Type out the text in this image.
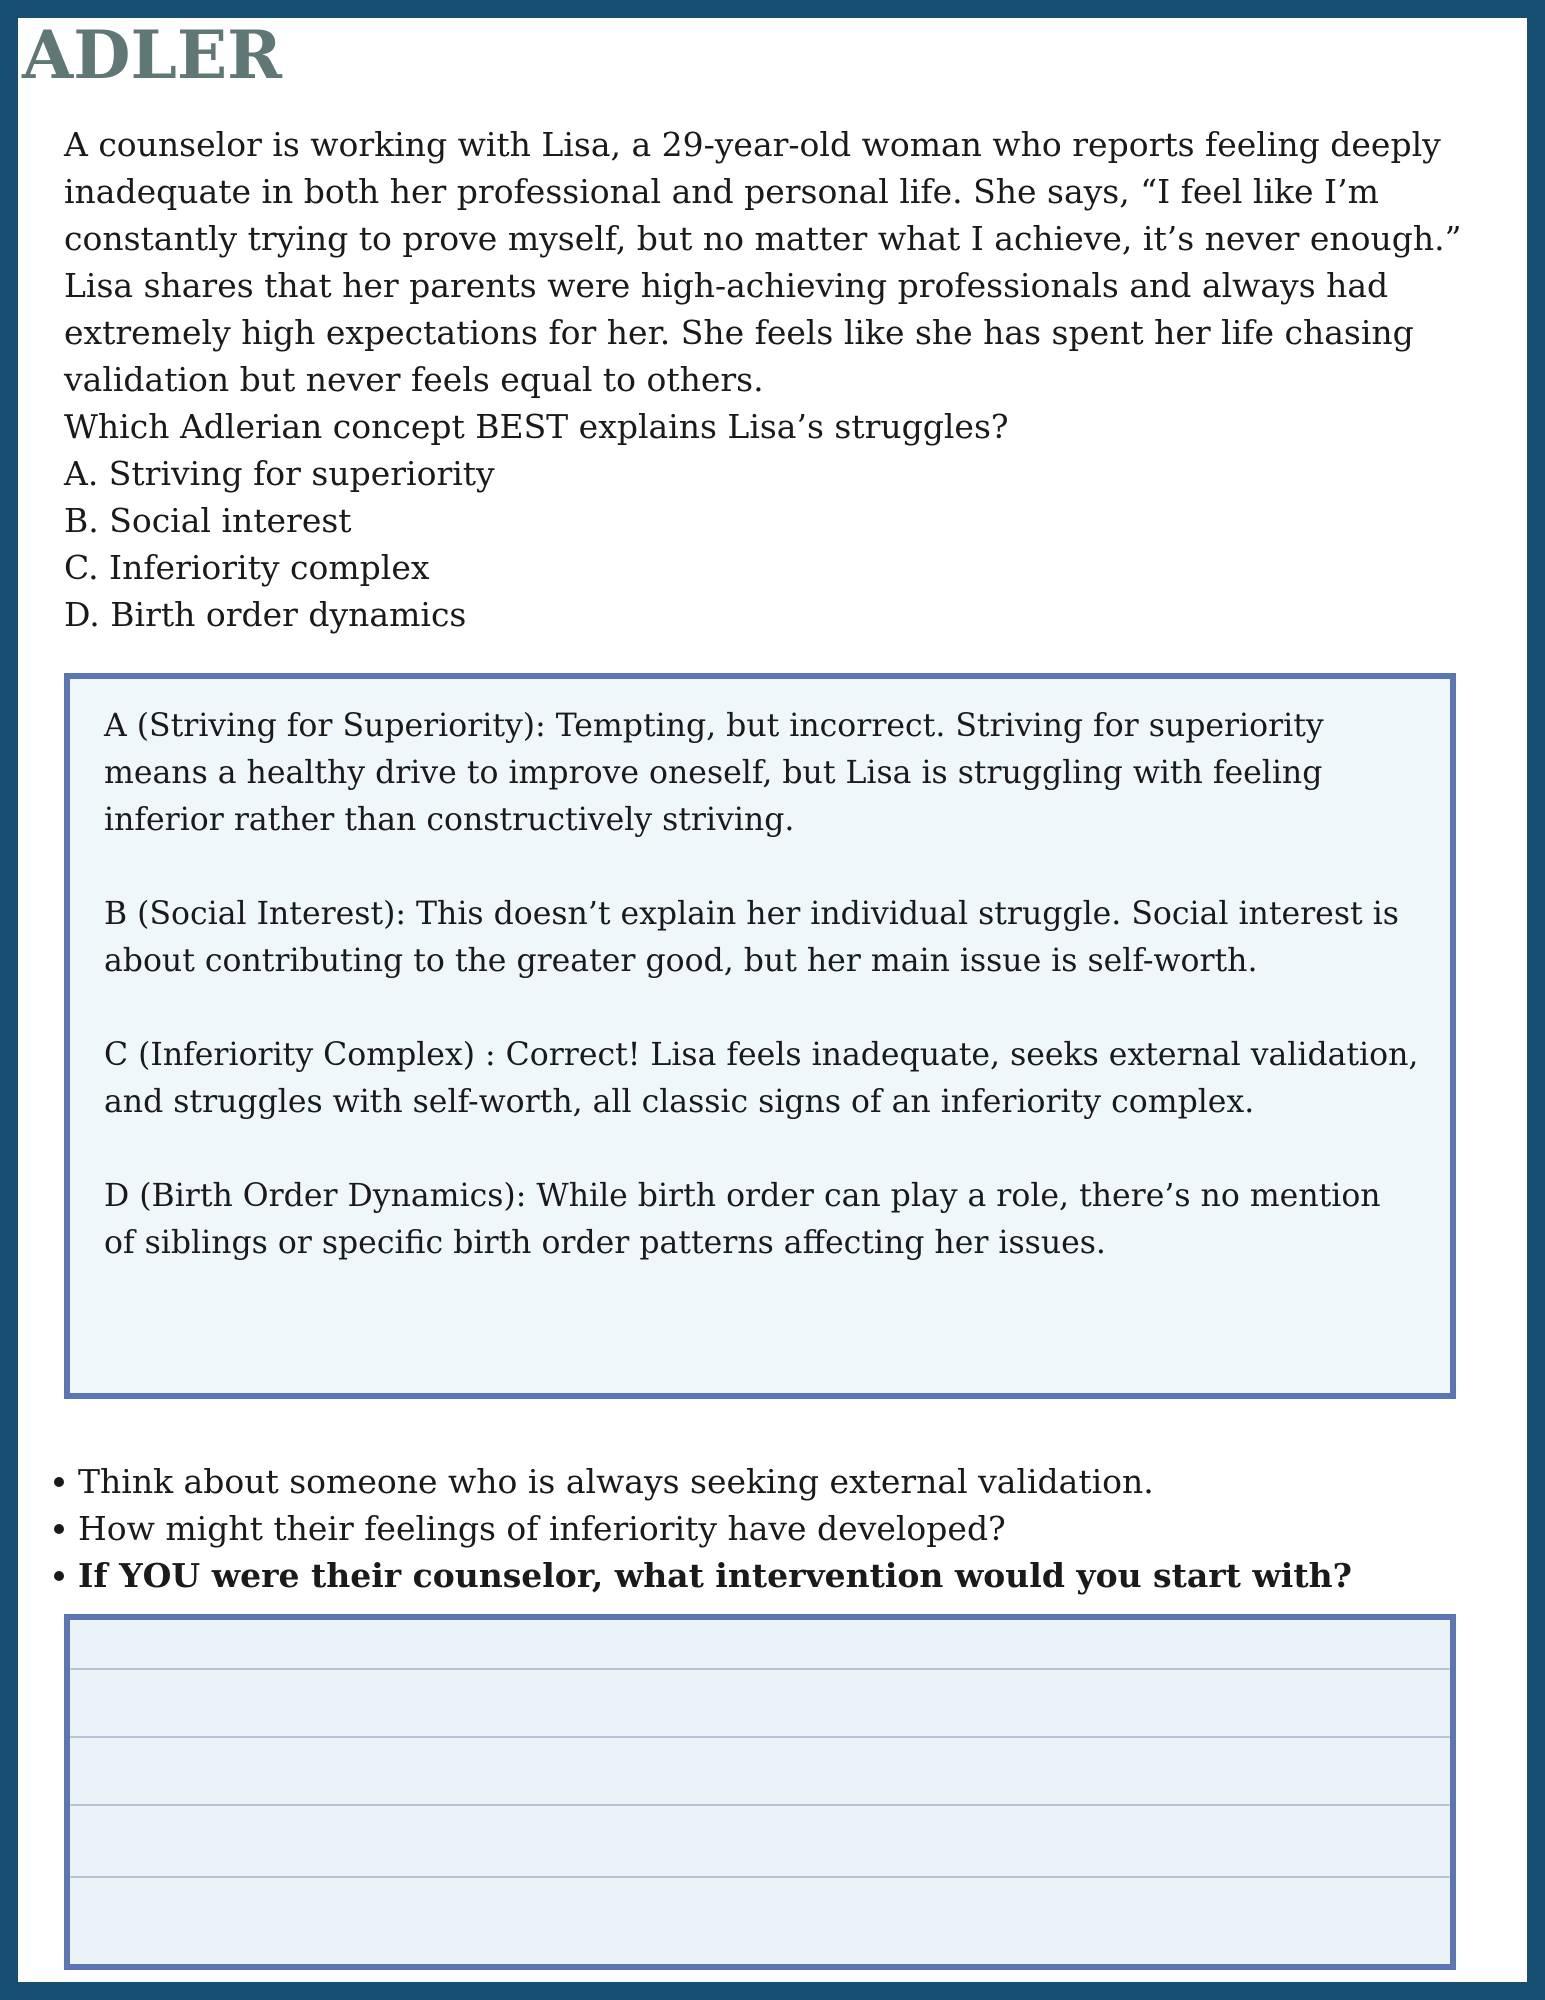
ADLER

A counselor is working with Lisa, a 29-year-old woman who reports feeling deeply inadequate in both her professional and personal life. She says, “I feel like I’m constantly trying to prove myself, but no matter what I achieve, it’s never enough.” Lisa shares that her parents were high-achieving professionals and always had extremely high expectations for her. She feels like she has spent her life chasing validation but never feels equal to others.

Which Adlerian concept BEST explains Lisa’s struggles?

A. Striving for superiority
B. Social interest
C. Inferiority complex
D. Birth order dynamics

A (Striving for Superiority): Tempting, but incorrect. Striving for superiority means a healthy drive to improve oneself, but Lisa is struggling with feeling inferior rather than constructively striving.

B (Social Interest): This doesn’t explain her individual struggle. Social interest is about contributing to the greater good, but her main issue is self-worth.

C (Inferiority Complex) : Correct! Lisa feels inadequate, seeks external validation, and struggles with self-worth, all classic signs of an inferiority complex.

D (Birth Order Dynamics): While birth order can play a role, there’s no mention of siblings or specific birth order patterns affecting her issues.

Think about someone who is always seeking external validation.
How might their feelings of inferiority have developed?
If YOU were their counselor, what intervention would you start with?
